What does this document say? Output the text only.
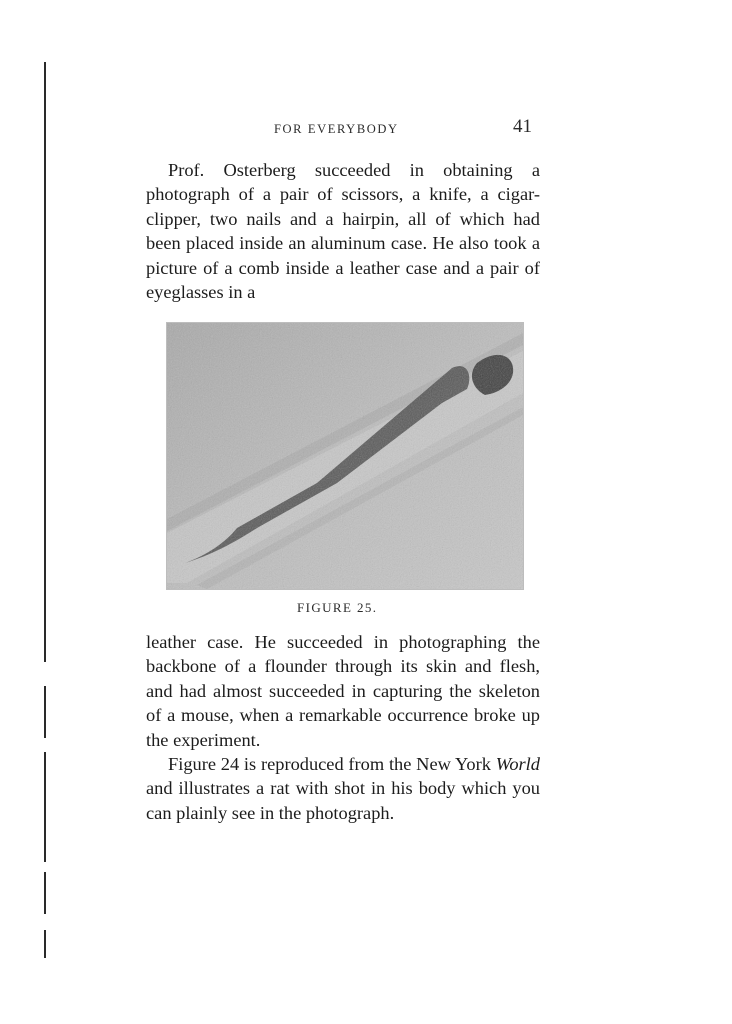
FOR EVERYBODY	41

Prof. Osterberg succeeded in obtaining a photograph of a pair of scissors, a knife, a cigar-clipper, two nails and a hairpin, all of which had been placed inside an aluminum case. He also took a picture of a comb inside a leather case and a pair of eyeglasses in a

FIGURE 25.

leather case. He succeeded in photographing the backbone of a flounder through its skin and flesh, and had almost succeeded in capturing the skeleton of a mouse, when a remarkable occurrence broke up the experiment.

Figure 24 is reproduced from the New York World and illustrates a rat with shot in his body which you can plainly see in the photograph.
